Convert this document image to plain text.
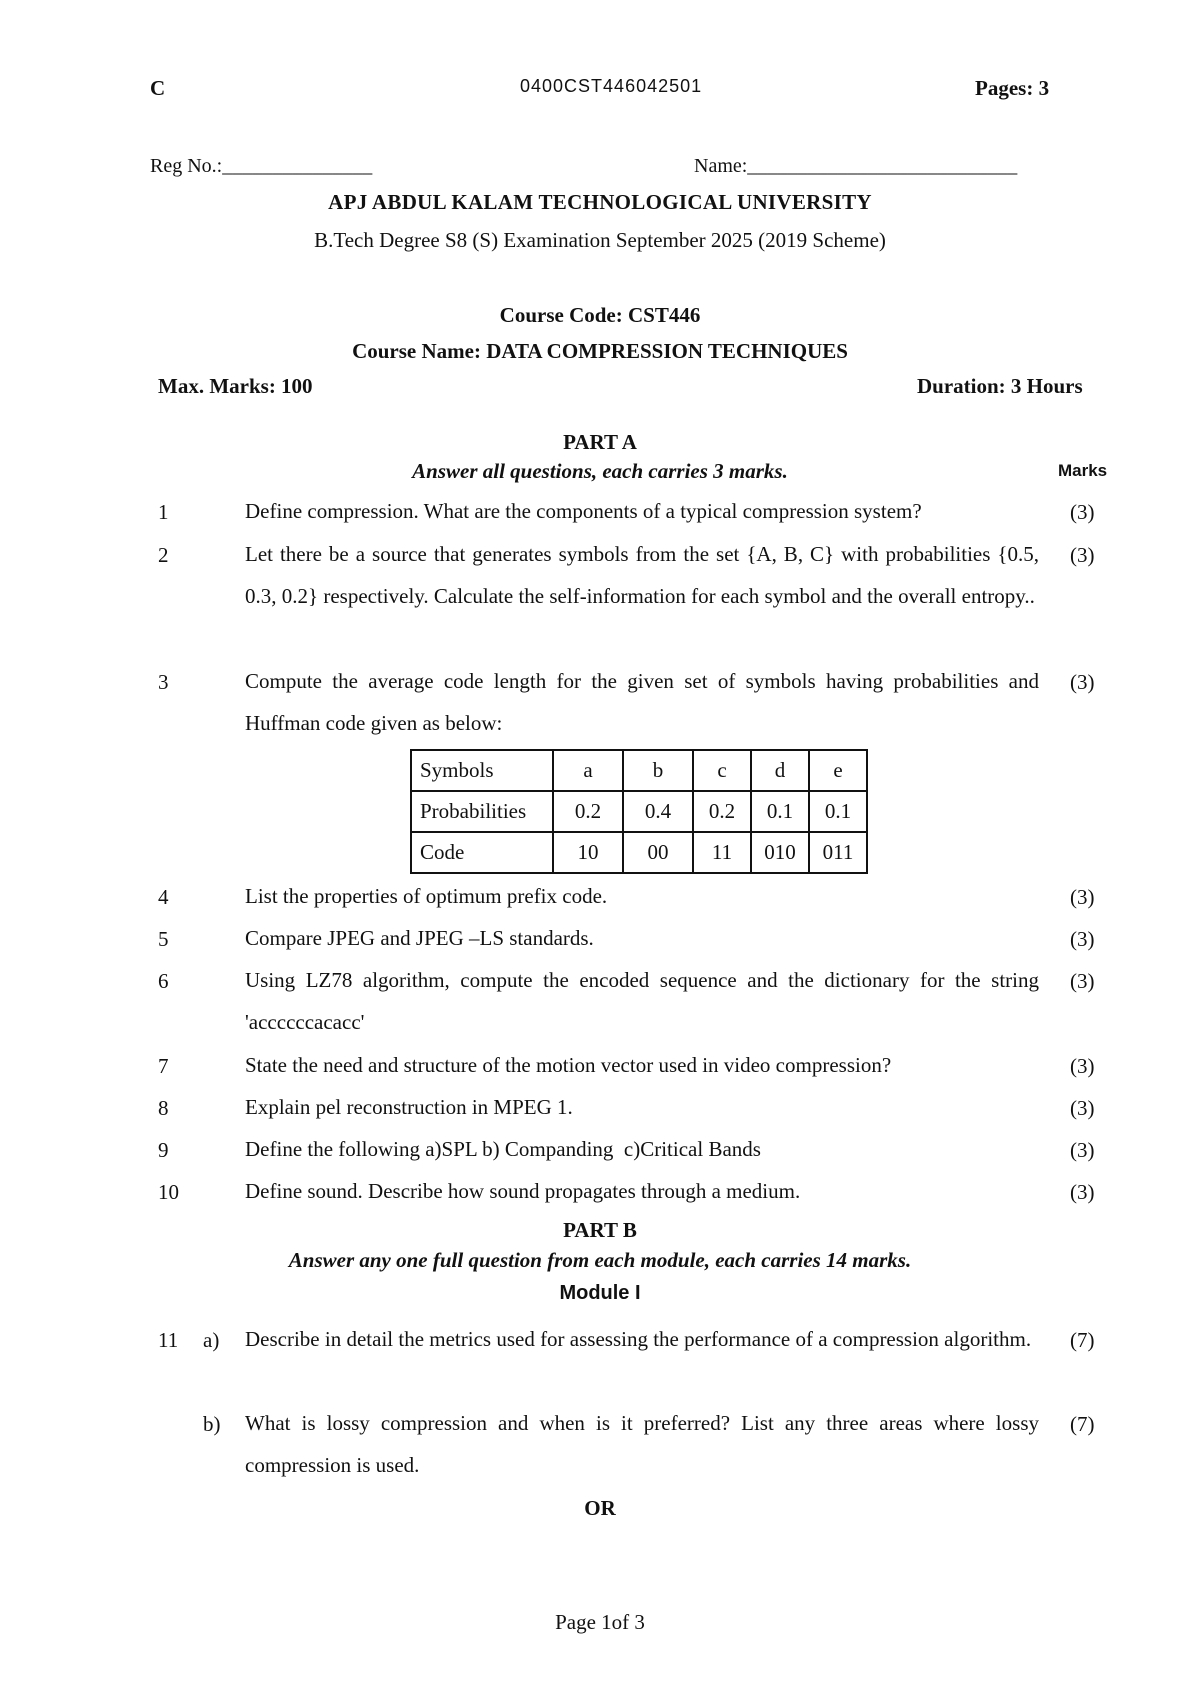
C	0400CST446042501	Pages: 3
Reg No.:_______________	Name:___________________________
APJ ABDUL KALAM TECHNOLOGICAL UNIVERSITY
B.Tech Degree S8 (S) Examination September 2025 (2019 Scheme)
Course Code: CST446
Course Name: DATA COMPRESSION TECHNIQUES
Max. Marks: 100	Duration: 3 Hours
PART A
Answer all questions, each carries 3 marks.	Marks
1	Define compression. What are the components of a typical compression system?	(3)
2	Let there be a source that generates symbols from the set {A, B, C} with probabilities {0.5, 0.3, 0.2} respectively. Calculate the self-information for each symbol and the overall entropy..
(3)
3	Compute the average code length for the given set of symbols having probabilities and Huffman code given as below:
(3)
Symbols	a	b	c	d	e
Probabilities	0.2	0.4	0.2	0.1	0.1
Code	10	00	11	010	011
4	List the properties of optimum prefix code.	(3)
5	Compare JPEG and JPEG –LS standards.	(3)
6	Using LZ78 algorithm, compute the encoded sequence and the dictionary for the string 'accccccacacc'
(3)
7	State the need and structure of the motion vector used in video compression?	(3)
8	Explain pel reconstruction in MPEG 1.	(3)
9	Define the following a)SPL b) Companding  c)Critical Bands	(3)
10	Define sound. Describe how sound propagates through a medium.	(3)
PART B
Answer any one full question from each module, each carries 14 marks.
Module I
11 a) Describe in detail the metrics used for assessing the performance of a compression algorithm.	(7)
b) What is lossy compression and when is it preferred? List any three areas where lossy compression is used.
(7)
OR
Page 1of 3
